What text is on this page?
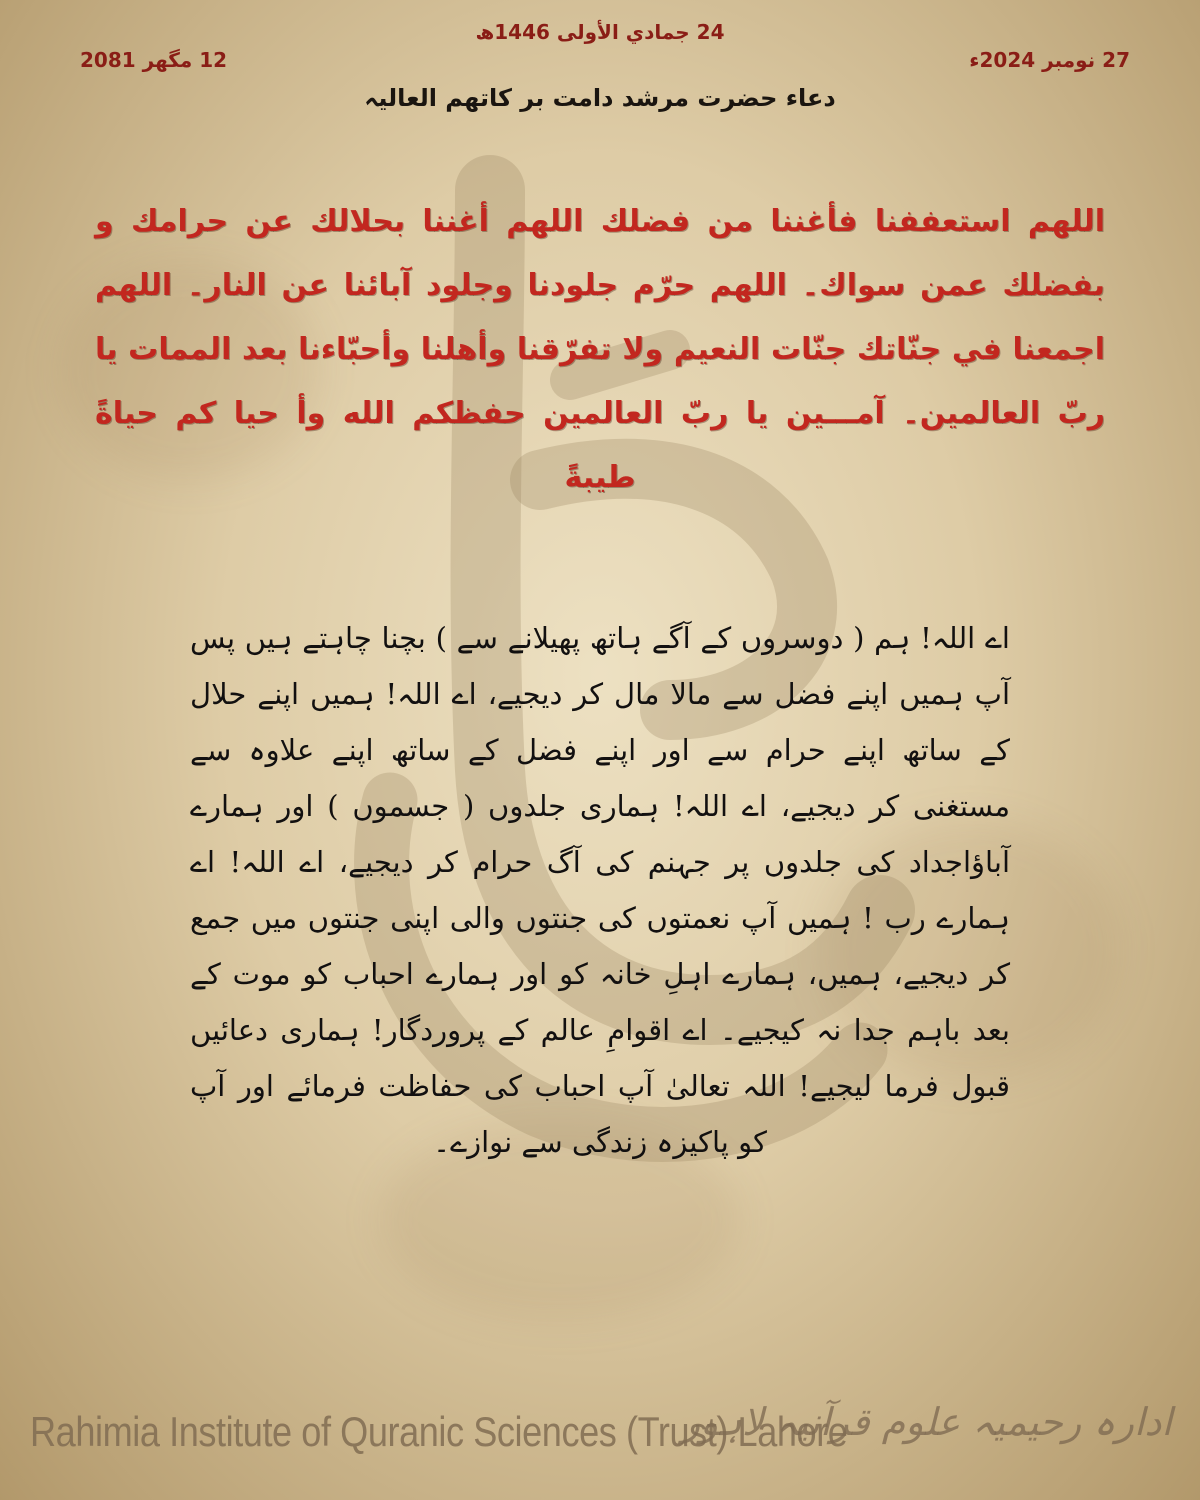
24 جمادي الأولى 1446ھ
27 نومبر 2024ء
12 مگھر 2081
دعاء حضرت مرشد دامت بر کاتھم العالیہ
اللهم استعففنا فأغننا من فضلك اللهم أغننا بحلالك عن حرامك و بفضلك عمن سواك۔ اللهم حرّم جلودنا وجلود آبائنا عن النار۔ اللهم اجمعنا في جنّاتك جنّات النعيم ولا تفرّقنا وأهلنا وأحبّاءنا بعد الممات يا ربّ العالمين۔ آمـــين يا ربّ العالمين حفظكم الله وأ حيا كم حياةً طيبةً
اے اللہ! ہم ( دوسروں کے آگے ہاتھ پھیلانے سے ) بچنا چاہتے ہیں پس آپ ہمیں اپنے فضل سے مالا مال کر دیجیے، اے اللہ! ہمیں اپنے حلال کے ساتھ اپنے حرام سے اور اپنے فضل کے ساتھ اپنے علاوہ سے مستغنی کر دیجیے، اے اللہ! ہماری جلدوں ( جسموں ) اور ہمارے آباؤاجداد کی جلدوں پر جہنم کی آگ حرام کر دیجیے، اے اللہ! اے ہمارے رب ! ہمیں آپ نعمتوں کی جنتوں والی اپنی جنتوں میں جمع کر دیجیے، ہمیں، ہمارے اہلِ خانہ کو اور ہمارے احباب کو موت کے بعد باہم جدا نہ کیجیے۔ اے اقوامِ عالم کے پروردگار! ہماری دعائیں قبول فرما لیجیے! اللہ تعالیٰ آپ احباب کی حفاظت فرمائے اور آپ کو پاکیزہ زندگی سے نوازے۔
Rahimia Institute of Quranic Sciences (Trust) Lahore
ادارہ رحیمیہ علوم قرآنیہ لاہور
